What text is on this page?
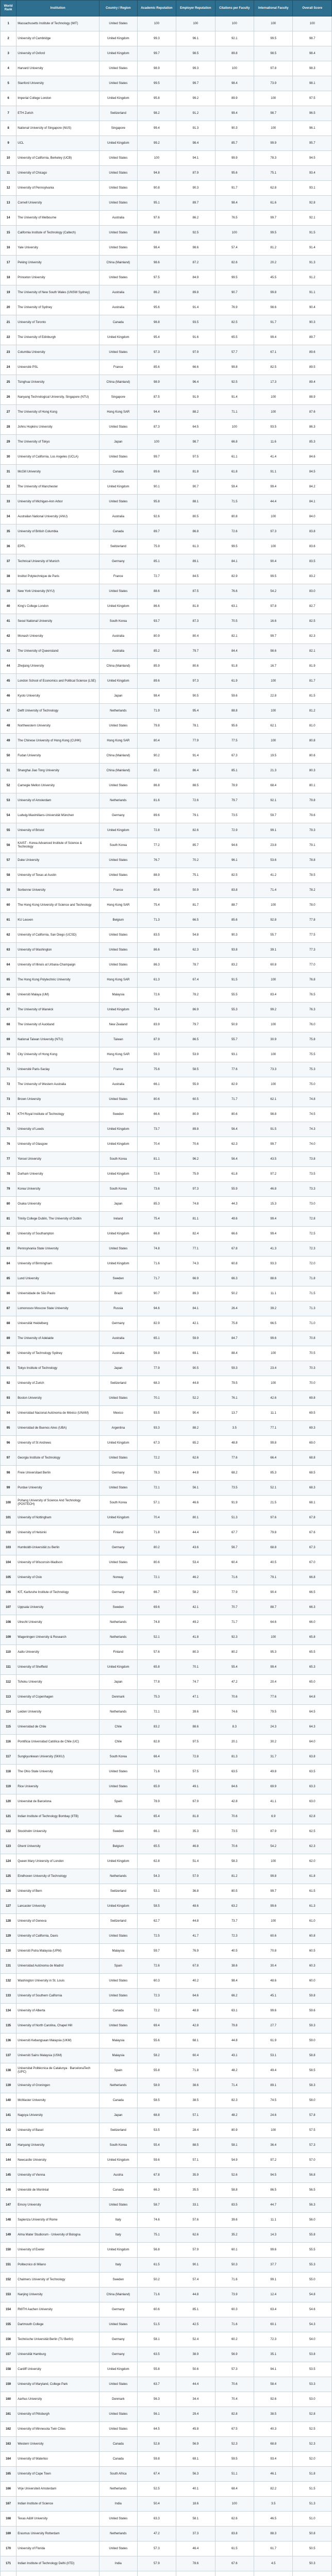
World Rank	Institution	Country / Region	Academic Reputation	Employer Reputation	Citations per Faculty	International Faculty	Overall Score
1	Massachusetts Institute of Technology (MIT)	United States	100	100	100	100	100
2	University of Cambridge	United Kingdom	99.3	96.1	92.1	99.5	98.7
3	University of Oxford	United Kingdom	99.7	98.5	89.8	98.5	98.4
4	Harvard University	United States	98.9	99.3	100	97.8	98.3
5	Stanford University	United States	99.5	99.7	98.4	73.9	98.1
6	Imperial College London	United Kingdom	95.8	99.2	89.9	100	97.5
7	ETH Zurich	Switzerland	98.2	91.2	99.4	98.7	96.5
8	National University of Singapore (NUS)	Singapore	99.4	91.3	90.3	100	96.1
9	UCL	United Kingdom	99.2	98.4	85.7	99.9	95.7
10	University of California, Berkeley (UCB)	United States	100	94.1	99.9	78.3	94.5
11	University of Chicago	United States	94.8	87.9	95.6	75.1	93.4
12	University of Pennsylvania	United States	90.8	90.3	91.7	62.8	93.1
13	Cornell University	United States	95.1	89.7	98.4	61.6	92.8
14	The University of Melbourne	Australia	97.6	86.2	76.5	99.7	92.1
15	California Institute of Technology (Caltech)	United States	88.8	92.5	100	99.5	91.5
16	Yale University	United States	98.4	98.6	57.4	81.2	91.4
17	Peking University	China (Mainland)	98.6	87.2	82.6	20.2	91.3
18	Princeton University	United States	97.5	84.9	99.5	45.5	91.2
19	The University of New South Wales (UNSW Sydney)	Australia	86.2	89.8	90.7	99.8	91.1
20	The University of Sydney	Australia	95.6	91.4	76.9	98.6	90.4
21	University of Toronto	Canada	98.8	93.5	82.5	91.7	90.3
22	The University of Edinburgh	United Kingdom	95.4	91.6	65.5	99.4	89.7
23	Columbia University	United States	97.3	97.9	57.7	67.1	89.6
24	Université PSL	France	85.6	66.6	99.8	82.5	89.5
25	Tsinghua University	China (Mainland)	98.9	96.4	92.5	17.3	89.4
26	Nanyang Technological University, Singapore (NTU)	Singapore	87.5	91.9	91.4	100	88.9
27	The University of Hong Kong	Hong Kong SAR	94.4	88.2	71.1	100	87.6
28	Johns Hopkins University	United States	87.3	64.5	100	93.5	86.3
29	The University of Tokyo	Japan	100	98.7	66.8	11.6	85.3
30	University of California, Los Angeles (UCLA)	United States	99.7	97.5	61.1	41.4	84.6
31	McGill University	Canada	89.6	81.8	61.8	91.1	84.5
32	The University of Manchester	United Kingdom	90.1	90.7	59.4	99.4	84.2
33	University of Michigan-Ann Arbor	United States	95.8	88.1	71.5	44.4	84.1
34	Australian National University (ANU)	Australia	92.6	80.5	80.8	100	84.0
35	University of British Columbia	Canada	89.7	86.8	72.6	97.3	83.8
36	EPFL	Switzerland	75.9	61.3	99.5	100	83.6
37	Technical University of Munich	Germany	85.1	89.1	84.1	90.4	83.5
38	Institut Polytechnique de Paris	France	72.7	84.5	82.9	99.5	83.2
39	New York University (NYU)	United States	88.6	87.5	76.6	54.2	83.0
40	King's College London	United Kingdom	86.6	81.8	63.1	97.8	82.7
41	Seoul National University	South Korea	93.7	87.3	70.5	16.6	82.5
42	Monash University	Australia	80.9	80.4	82.1	99.7	82.3
43	The University of Queensland	Australia	85.2	79.7	84.4	98.6	82.1
44	Zhejiang University	China (Mainland)	85.9	80.6	91.8	16.7	81.9
45	London School of Economics and Political Science (LSE)	United Kingdom	89.6	97.3	61.9	100	81.7
46	Kyoto University	Japan	98.4	90.5	59.6	22.8	81.5
47	Delft University of Technology	Netherlands	71.9	95.4	88.8	100	81.2
48	Northwestern University	United States	79.8	78.1	95.6	62.1	81.0
49	The Chinese University of Hong Kong (CUHK)	Hong Kong SAR	80.4	77.9	77.5	100	80.8
50	Fudan University	China (Mainland)	90.2	91.4	67.3	19.5	80.6
51	Shanghai Jiao Tong University	China (Mainland)	85.1	86.4	85.1	21.3	80.3
52	Carnegie Mellon University	United States	86.8	88.5	78.9	68.4	80.1
53	University of Amsterdam	Netherlands	81.6	72.6	79.7	92.1	79.8
54	Ludwig-Maximilians-Universität München	Germany	89.6	79.1	73.5	59.7	79.6
55	University of Bristol	United Kingdom	72.8	82.6	72.9	99.1	79.3
56	KAIST - Korea Advanced Institute of Science & Technology	South Korea	77.2	85.7	94.6	23.8	79.1
57	Duke University	United States	76.7	70.2	96.1	53.6	78.8
58	University of Texas at Austin	United States	88.9	75.1	82.5	41.2	78.5
59	Sorbonne University	France	80.6	50.9	83.8	71.4	78.2
60	The Hong Kong University of Science and Technology	Hong Kong SAR	75.4	81.7	88.7	100	78.0
61	KU Leuven	Belgium	71.3	66.5	85.6	92.8	77.8
62	University of California, San Diego (UCSD)	United States	83.5	54.8	90.3	55.7	77.5
63	University of Washington	United States	86.6	62.3	93.8	39.1	77.3
64	University of Illinois at Urbana-Champaign	United States	86.3	78.7	83.2	60.8	77.0
65	The Hong Kong Polytechnic University	Hong Kong SAR	61.3	67.4	91.5	100	76.8
66	Universiti Malaya (UM)	Malaysia	72.6	78.2	55.5	83.4	76.5
67	The University of Warwick	United Kingdom	76.4	86.9	55.3	99.2	76.3
68	The University of Auckland	New Zealand	83.9	79.7	50.9	100	76.0
69	National Taiwan University (NTU)	Taiwan	87.9	86.5	55.7	30.9	75.8
70	City University of Hong Kong	Hong Kong SAR	59.3	53.9	93.1	100	75.5
71	Université Paris-Saclay	France	75.6	58.5	77.6	73.3	75.3
72	The University of Western Australia	Australia	66.1	55.9	82.9	100	75.0
73	Brown University	United States	80.6	60.5	71.7	62.1	74.8
74	KTH Royal Institute of Technology	Sweden	66.6	80.9	80.6	98.8	74.5
75	University of Leeds	United Kingdom	73.7	89.8	56.4	91.5	74.3
76	University of Glasgow	United Kingdom	70.4	70.6	62.3	99.7	74.0
77	Yonsei University	South Korea	81.1	96.2	56.4	43.5	73.8
78	Durham University	United Kingdom	72.6	75.9	61.8	97.2	73.5
79	Korea University	South Korea	73.6	97.3	55.9	46.8	73.3
80	Osaka University	Japan	85.3	74.8	44.3	15.3	73.0
81	Trinity College Dublin, The University of Dublin	Ireland	75.4	81.1	49.6	99.4	72.8
82	University of Southampton	United Kingdom	66.8	82.4	66.6	99.4	72.5
83	Pennsylvania State University	United States	74.8	77.1	67.8	41.3	72.3
84	University of Birmingham	United Kingdom	71.6	74.3	60.8	93.3	72.0
85	Lund University	Sweden	71.7	66.9	66.3	88.6	71.8
86	Universidade de São Paulo	Brazil	90.7	89.3	50.2	11.1	71.5
87	Lomonosov Moscow State University	Russia	94.6	84.1	26.4	39.2	71.3
88	Universität Heidelberg	Germany	82.9	42.1	75.8	66.5	71.0
89	The University of Adelaide	Australia	65.1	59.9	84.7	99.6	70.8
90	University of Technology Sydney	Australia	56.9	69.1	88.4	100	70.5
91	Tokyo Institute of Technology	Japan	77.9	90.5	59.3	23.4	70.3
92	University of Zurich	Switzerland	68.3	44.8	79.5	100	70.0
93	Boston University	United States	70.1	52.2	76.1	42.6	69.8
94	Universidad Nacional Autónoma de México (UNAM)	Mexico	93.5	90.4	13.7	11.1	69.5
95	Universidad de Buenos Aires (UBA)	Argentina	93.3	88.2	3.5	77.1	69.3
96	University of St Andrews	United Kingdom	67.3	65.2	48.8	99.8	69.0
97	Georgia Institute of Technology	United States	72.2	62.6	77.6	66.4	68.8
98	Freie Universitaet Berlin	Germany	78.3	44.8	68.2	85.3	68.5
99	Purdue University	United States	72.1	56.1	73.5	52.1	68.3
100	Pohang University of Science And Technology (POSTECH)	South Korea	57.1	46.6	91.9	21.5	68.1
101	University of Nottingham	United Kingdom	70.4	80.1	51.3	97.6	67.8
102	University of Helsinki	Finland	71.8	44.4	67.7	79.8	67.6
103	Humboldt-Universität zu Berlin	Germany	80.2	43.6	56.7	68.8	67.3
104	University of Wisconsin-Madison	United States	80.6	53.4	60.4	40.5	67.0
105	University of Oslo	Norway	72.1	46.2	71.6	79.1	66.8
106	KIT, Karlsruhe Institute of Technology	Germany	66.7	58.2	77.9	90.4	66.5
107	Uppsala University	Sweden	69.6	42.1	70.7	88.7	66.3
108	Utrecht University	Netherlands	74.8	49.2	71.7	64.6	66.0
109	Wageningen University & Research	Netherlands	52.1	41.8	92.3	100	65.8
110	Aalto University	Finland	57.6	80.3	80.2	95.3	65.5
111	University of Sheffield	United Kingdom	65.8	70.1	55.4	99.4	65.3
112	Tohoku University	Japan	77.8	74.7	47.2	20.4	65.0
113	University of Copenhagen	Denmark	75.3	47.1	70.6	77.6	64.8
114	Leiden University	Netherlands	72.1	39.6	74.6	79.5	64.5
115	Universidad de Chile	Chile	83.2	88.6	8.3	24.3	64.3
116	Pontificia Universidad Católica de Chile (UC)	Chile	82.8	97.5	20.1	30.2	64.0
117	Sungkyunkwan University (SKKU)	South Korea	66.4	72.8	81.3	31.7	63.8
118	The Ohio State University	United States	71.6	57.5	63.5	49.8	63.5
119	Rice University	United States	65.9	49.1	84.6	69.9	63.3
120	Universitat de Barcelona	Spain	78.9	67.9	42.8	41.1	63.0
121	Indian Institute of Technology Bombay (IITB)	India	65.4	81.8	70.6	6.9	62.8
122	Stockholm University	Sweden	66.1	35.3	73.5	87.9	62.5
123	Ghent University	Belgium	65.5	46.8	70.6	54.2	62.3
124	Queen Mary University of London	United Kingdom	62.8	51.4	58.3	100	62.0
125	Eindhoven University of Technology	Netherlands	54.3	57.9	81.2	99.8	61.8
126	University of Bern	Switzerland	53.1	36.8	80.5	99.7	61.5
127	Lancaster University	United Kingdom	58.5	48.6	63.2	99.6	61.3
128	University of Geneva	Switzerland	62.7	44.8	73.7	100	61.0
129	University of California, Davis	United States	72.5	41.7	72.3	60.6	60.8
130	Universiti Putra Malaysia (UPM)	Malaysia	59.7	76.9	40.5	70.8	60.5
131	Universidad Autónoma de Madrid	Spain	72.6	67.8	38.6	30.4	60.3
132	Washington University in St. Louis	United States	60.3	40.2	98.4	48.6	60.0
133	University of Southern California	United States	72.3	64.6	66.2	45.1	59.8
134	University of Alberta	Canada	72.2	48.8	63.1	99.6	59.6
135	University of North Carolina, Chapel Hill	United States	69.4	42.8	79.8	27.7	59.3
136	Universiti Kebangsaan Malaysia (UKM)	Malaysia	55.6	68.1	44.8	61.9	59.0
137	Universiti Sains Malaysia (USM)	Malaysia	58.2	60.4	43.1	53.1	58.8
138	Universitat Politècnica de Catalunya · BarcelonaTech (UPC)	Spain	55.8	71.8	48.2	49.4	58.5
139	University of Groningen	Netherlands	58.9	38.6	71.4	89.1	58.3
140	McMaster University	Canada	58.5	38.5	82.3	74.5	58.0
141	Nagoya University	Japan	68.8	57.1	48.2	24.6	57.8
142	University of Basel	Switzerland	53.5	28.4	80.9	100	57.5
143	Hanyang University	South Korea	55.4	88.5	58.1	36.4	57.3
144	Newcastle University	United Kingdom	59.6	57.1	54.9	97.2	57.0
145	University of Vienna	Austria	67.8	35.9	52.6	94.5	56.8
146	Université de Montréal	Canada	66.3	35.5	58.8	86.5	56.5
147	Emory University	United States	58.7	33.1	83.5	44.7	56.3
148	Sapienza University of Rome	Italy	74.6	57.6	39.6	11.1	56.0
149	Alma Mater Studiorum - University of Bologna	Italy	75.1	62.6	35.2	14.3	55.8
150	University of Exeter	United Kingdom	56.8	57.9	60.1	99.6	55.5
151	Politecnico di Milano	Italy	61.5	90.1	50.3	37.7	55.3
152	Chalmers University of Technology	Sweden	50.2	57.4	71.6	99.1	55.0
153	Nanjing University	China (Mainland)	71.6	44.8	73.9	12.4	54.8
154	RWTH Aachen University	Germany	60.6	85.1	60.3	63.4	54.6
155	Dartmouth College	United States	51.5	42.5	71.6	60.1	54.3
156	Technische Universität Berlin (TU Berlin)	Germany	58.1	52.4	60.2	72.3	54.0
157	Universität Hamburg	Germany	63.5	38.9	56.9	35.1	53.8
158	Cardiff University	United Kingdom	55.8	50.6	57.3	94.1	53.5
159	University of Maryland, College Park	United States	63.7	44.4	70.6	58.4	53.3
160	Aarhus University	Denmark	56.3	34.4	70.4	92.6	53.0
161	University of Pittsburgh	United States	56.1	29.4	82.8	38.5	52.8
162	University of Minnesota Twin Cities	United States	64.5	45.8	67.5	40.3	52.5
163	Western University	Canada	52.8	56.9	52.3	68.8	52.3
164	University of Waterloo	Canada	59.8	69.1	59.5	93.4	52.0
165	University of Cape Town	South Africa	67.4	56.3	51.1	46.1	51.8
166	Vrije Universiteit Amsterdam	Netherlands	52.5	40.1	68.4	82.2	51.5
167	Indian Institute of Science	India	50.4	18.6	100	3.5	51.3
168	Texas A&M University	United States	63.3	58.1	62.6	46.5	51.0
169	Erasmus University Rotterdam	Netherlands	47.2	37.3	83.8	88.3	50.8
170	University of Florida	United States	57.3	46.4	61.5	61.7	50.5
171	Indian Institute of Technology Delhi (IITD)	India	57.9	78.6	67.6	4.5	50.3
